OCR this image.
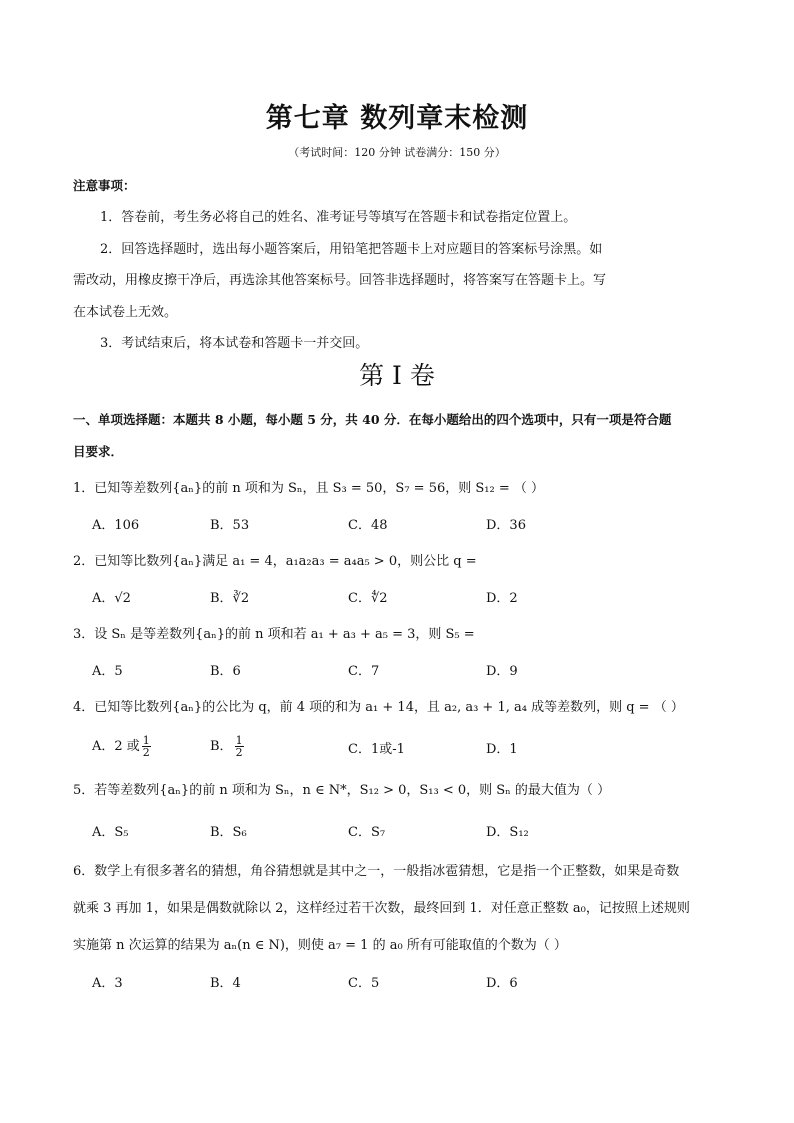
第七章 数列章末检测
（考试时间：120 分钟 试卷满分：150 分）
注意事项：
1．答卷前，考生务必将自己的姓名、准考证号等填写在答题卡和试卷指定位置上。
2．回答选择题时，选出每小题答案后，用铅笔把答题卡上对应题目的答案标号涂黑。如
需改动，用橡皮擦干净后，再选涂其他答案标号。回答非选择题时，将答案写在答题卡上。写
在本试卷上无效。
3．考试结束后，将本试卷和答题卡一并交回。
第 I 卷
一、单项选择题：本题共 8 小题，每小题 5 分，共 40 分．在每小题给出的四个选项中，只有一项是符合题
目要求．
1．已知等差数列{aₙ}的前 n 项和为 Sₙ，且 S₃ = 50，S₇ = 56，则 S₁₂ = （ ）
A．106	B．53	C．48	D．36
2．已知等比数列{aₙ}满足 a₁ = 4，a₁a₂a₃ = a₄a₅ > 0，则公比 q =
A．√2	B．∛2	C．∜2	D．2
3．设 Sₙ 是等差数列{aₙ}的前 n 项和若 a₁ + a₃ + a₅ = 3，则 S₅ =
A．5	B．6	C．7	D．9
4．已知等比数列{aₙ}的公比为 q，前 4 项的和为 a₁ + 14，且 a₂, a₃ + 1, a₄ 成等差数列，则 q = （ ）
A．2 或 $\frac{1}{2}$	B． $\frac{1}{2}$	C．1或-1	D．1
5．若等差数列{aₙ}的前 n 项和为 Sₙ，n ∈ N*，S₁₂ > 0，S₁₃ < 0，则 Sₙ 的最大值为（ ）
A．S₅	B．S₆	C．S₇	D．S₁₂
6．数学上有很多著名的猜想，角谷猜想就是其中之一，一般指冰雹猜想，它是指一个正整数，如果是奇数
就乘 3 再加 1，如果是偶数就除以 2，这样经过若干次数，最终回到 1．对任意正整数 a₀，记按照上述规则
实施第 n 次运算的结果为 aₙ(n ∈ N)，则使 a₇ = 1 的 a₀ 所有可能取值的个数为（ ）
A．3	B．4	C．5	D．6
